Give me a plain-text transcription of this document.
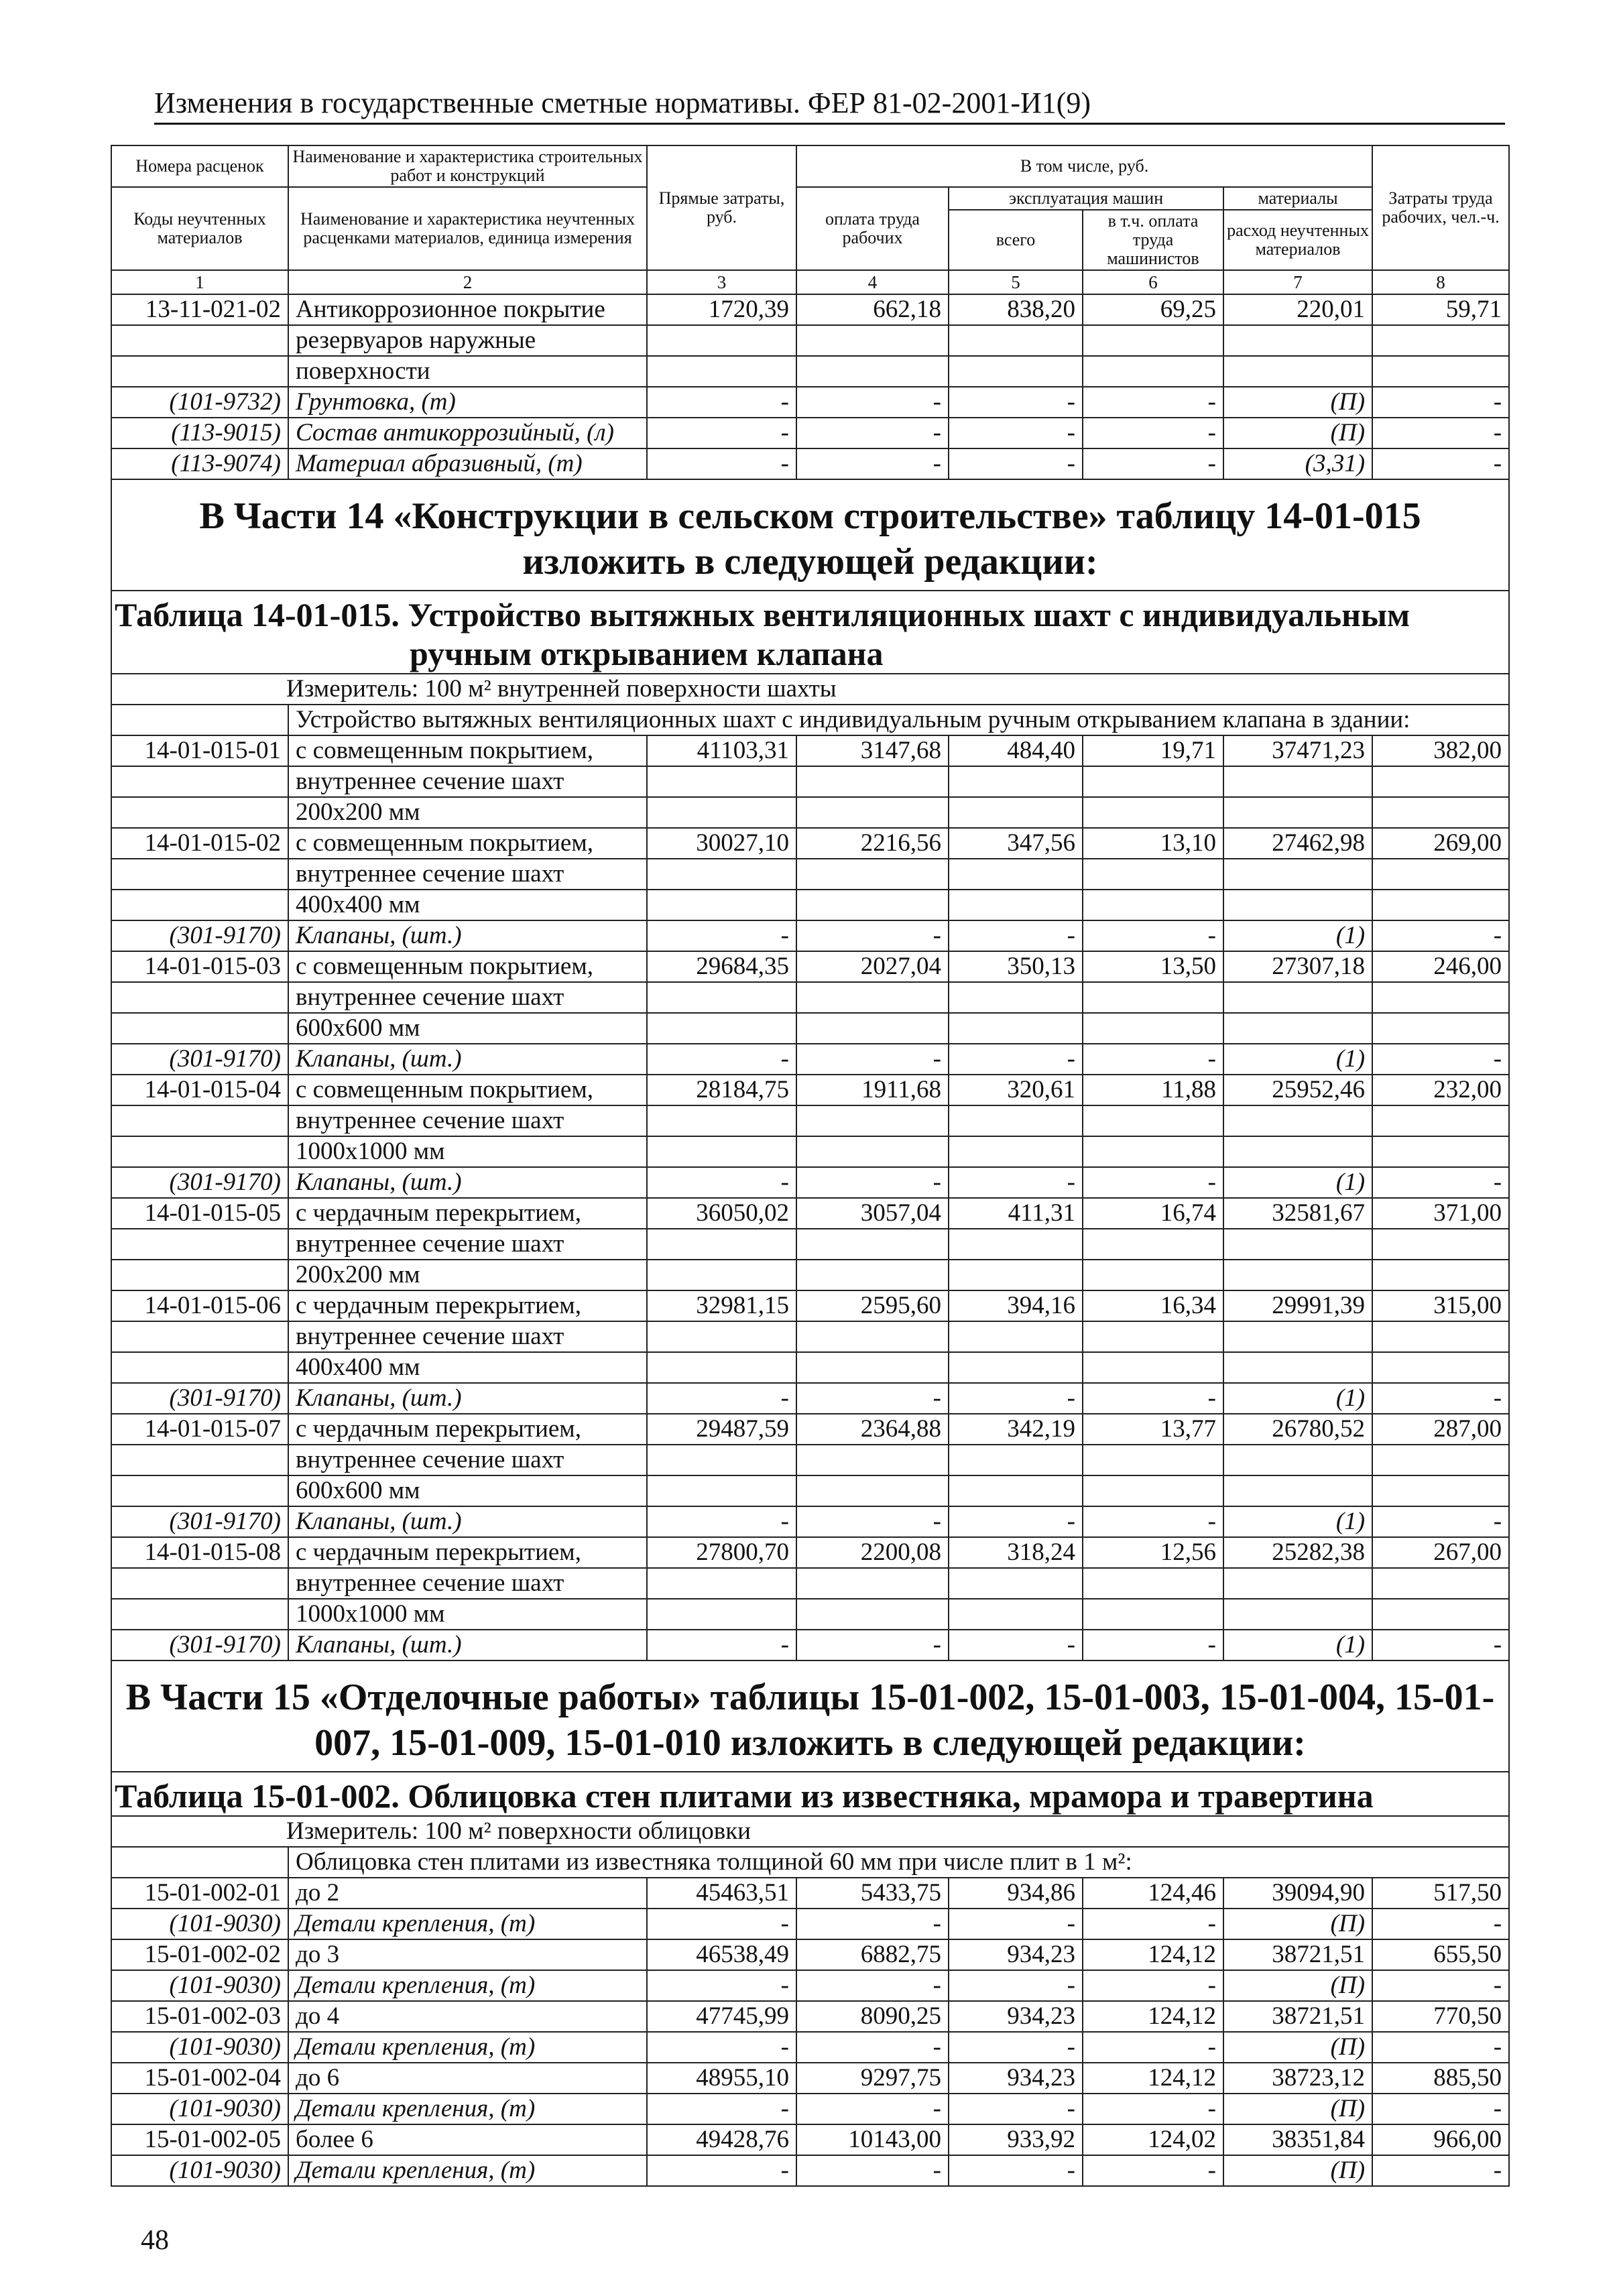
Изменения в государственные сметные нормативы. ФЕР 81-02-2001-И1(9)
Номера расценок	Наименование и характеристика строительных работ и конструкций	Прямые затраты, руб.	В том числе, руб.				Затраты труда рабочих, чел.-ч.
Коды неучтенных материалов	Наименование и характеристика неучтенных расценками материалов, единица измерения		оплата труда рабочих	эксплуатация машин		материалы	
				всего	в т.ч. оплата труда машинистов	расход неучтенных материалов	
1	2	3	4	5	6	7	8
13-11-021-02	Антикоррозионное покрытие	1720,39	662,18	838,20	69,25	220,01	59,71
	резервуаров наружные						
	поверхности						
(101-9732)	Грунтовка, (т)	-	-	-	-	(П)	-
(113-9015)	Состав антикоррозийный, (л)	-	-	-	-	(П)	-
(113-9074)	Материал абразивный, (т)	-	-	-	-	(3,31)	-
В Части 14 «Конструкции в сельском строительстве» таблицу 14-01-015 изложить в следующей редакции:							
Таблица 14-01-015. Устройство вытяжных вентиляционных шахт с индивидуальным
ручным открыванием клапана							

Измеритель: 100 м² внутренней поверхности шахты							
	Устройство вытяжных вентиляционных шахт с индивидуальным ручным открыванием клапана в здании:						
14-01-015-01	с совмещенным покрытием,	41103,31	3147,68	484,40	19,71	37471,23	382,00
	внутреннее сечение шахт						
	200x200 мм						
14-01-015-02	с совмещенным покрытием,	30027,10	2216,56	347,56	13,10	27462,98	269,00
	внутреннее сечение шахт						
	400x400 мм						
(301-9170)	Клапаны, (шт.)	-	-	-	-	(1)	-
14-01-015-03	с совмещенным покрытием,	29684,35	2027,04	350,13	13,50	27307,18	246,00
	внутреннее сечение шахт						
	600x600 мм						
(301-9170)	Клапаны, (шт.)	-	-	-	-	(1)	-
14-01-015-04	с совмещенным покрытием,	28184,75	1911,68	320,61	11,88	25952,46	232,00
	внутреннее сечение шахт						
	1000x1000 мм						
(301-9170)	Клапаны, (шт.)	-	-	-	-	(1)	-
14-01-015-05	с чердачным перекрытием,	36050,02	3057,04	411,31	16,74	32581,67	371,00
	внутреннее сечение шахт						
	200x200 мм						
14-01-015-06	с чердачным перекрытием,	32981,15	2595,60	394,16	16,34	29991,39	315,00
	внутреннее сечение шахт						
	400x400 мм						
(301-9170)	Клапаны, (шт.)	-	-	-	-	(1)	-
14-01-015-07	с чердачным перекрытием,	29487,59	2364,88	342,19	13,77	26780,52	287,00
	внутреннее сечение шахт						
	600x600 мм						
(301-9170)	Клапаны, (шт.)	-	-	-	-	(1)	-
14-01-015-08	с чердачным перекрытием,	27800,70	2200,08	318,24	12,56	25282,38	267,00
	внутреннее сечение шахт						
	1000x1000 мм						
(301-9170)	Клапаны, (шт.)	-	-	-	-	(1)	-
В Части 15 «Отделочные работы» таблицы 15-01-002, 15-01-003, 15-01-004, 15-01-007, 15-01-009, 15-01-010 изложить в следующей редакции:							
Таблица 15-01-002. Облицовка стен плитами из известняка, мрамора и травертина							
Измеритель: 100 м² поверхности облицовки							
	Облицовка стен плитами из известняка толщиной 60 мм при числе плит в 1 м²:						
15-01-002-01	до 2	45463,51	5433,75	934,86	124,46	39094,90	517,50
(101-9030)	Детали крепления, (т)	-	-	-	-	(П)	-
15-01-002-02	до 3	46538,49	6882,75	934,23	124,12	38721,51	655,50
(101-9030)	Детали крепления, (т)	-	-	-	-	(П)	-
15-01-002-03	до 4	47745,99	8090,25	934,23	124,12	38721,51	770,50
(101-9030)	Детали крепления, (т)	-	-	-	-	(П)	-
15-01-002-04	до 6	48955,10	9297,75	934,23	124,12	38723,12	885,50
(101-9030)	Детали крепления, (т)	-	-	-	-	(П)	-
15-01-002-05	более 6	49428,76	10143,00	933,92	124,02	38351,84	966,00
(101-9030)	Детали крепления, (т)	-	-	-	-	(П)	-
48
